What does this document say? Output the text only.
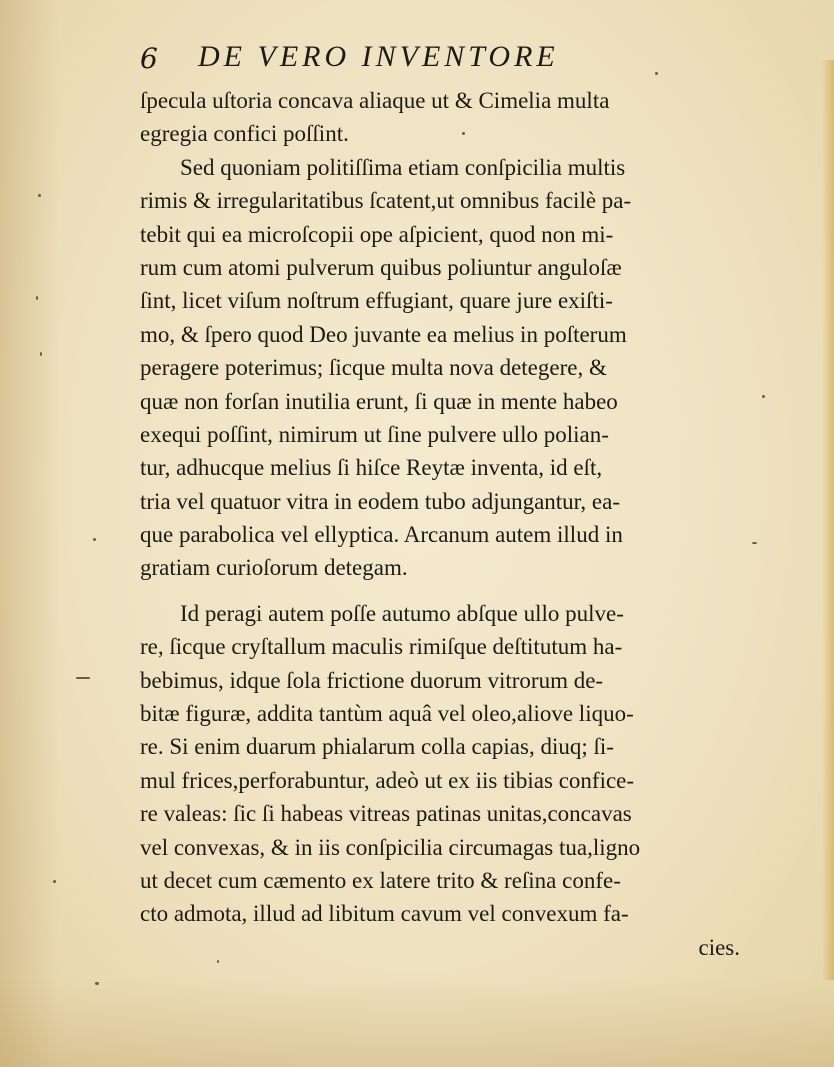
6 DE VERO INVENTORE
ſpecula uſtoria concava aliaque ut & Cimelia multa
egregia confici poſſint.
Sed quoniam politiſſima etiam conſpicilia multis
rimis & irregularitatibus ſcatent,ut omnibus facilè pa-
tebit qui ea microſcopii ope aſpicient, quod non mi-
rum cum atomi pulverum quibus poliuntur anguloſæ
ſint, licet viſum noſtrum effugiant, quare jure exiſti-
mo, & ſpero quod Deo juvante ea melius in poſterum
peragere poterimus; ſicque multa nova detegere, &
quæ non forſan inutilia erunt, ſi quæ in mente habeo
exequi poſſint, nimirum ut ſine pulvere ullo polian-
tur, adhucque melius ſi hiſce Reytæ inventa, id eſt,
tria vel quatuor vitra in eodem tubo adjungantur, ea-
que parabolica vel ellyptica. Arcanum autem illud in
gratiam curioſorum detegam.
Id peragi autem poſſe autumo abſque ullo pulve-
re, ſicque cryſtallum maculis rimiſque deſtitutum ha-
bebimus, idque ſola frictione duorum vitrorum de-
bitæ figuræ, addita tantùm aquâ vel oleo,aliove liquo-
re. Si enim duarum phialarum colla capias, diuq; ſi-
mul frices,perforabuntur, adeò ut ex iis tibias confice-
re valeas: ſic ſi habeas vitreas patinas unitas,concavas
vel convexas, & in iis conſpicilia circumagas tua,ligno
ut decet cum cæmento ex latere trito & reſina confe-
cto admota, illud ad libitum cavum vel convexum fa-
cies.
